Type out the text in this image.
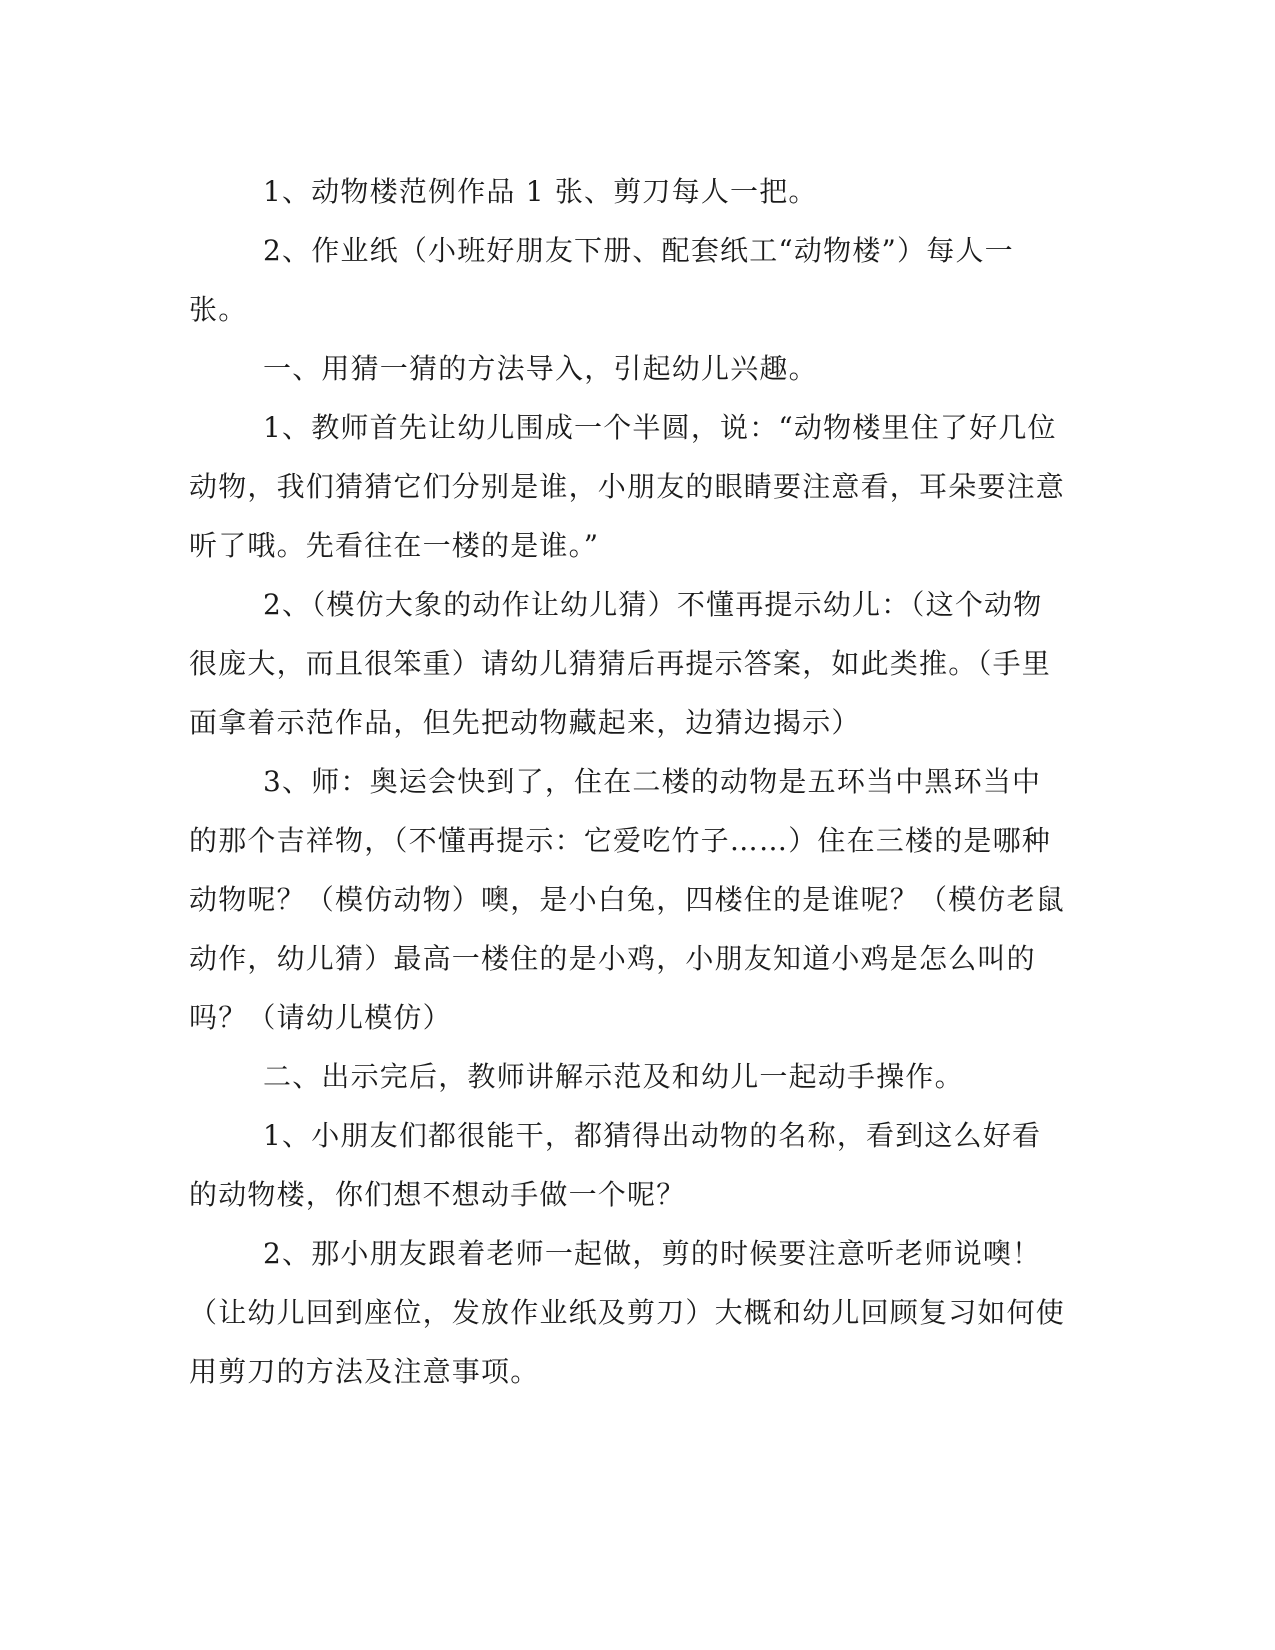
1、动物楼范例作品 1 张、剪刀每人一把。

2、作业纸（小班好朋友下册、配套纸工“动物楼”）每人一张。

一、用猜一猜的方法导入，引起幼儿兴趣。

1、教师首先让幼儿围成一个半圆，说：“动物楼里住了好几位动物，我们猜猜它们分别是谁，小朋友的眼睛要注意看，耳朵要注意听了哦。先看往在一楼的是谁。”

2、（模仿大象的动作让幼儿猜）不懂再提示幼儿：（这个动物很庞大，而且很笨重）请幼儿猜猜后再提示答案，如此类推。（手里面拿着示范作品，但先把动物藏起来，边猜边揭示）

3、师：奥运会快到了，住在二楼的动物是五环当中黑环当中的那个吉祥物，（不懂再提示：它爱吃竹子……）住在三楼的是哪种动物呢？（模仿动物）噢，是小白兔，四楼住的是谁呢？（模仿老鼠动作，幼儿猜）最高一楼住的是小鸡，小朋友知道小鸡是怎么叫的吗？（请幼儿模仿）

二、出示完后，教师讲解示范及和幼儿一起动手操作。

1、小朋友们都很能干，都猜得出动物的名称，看到这么好看的动物楼，你们想不想动手做一个呢？

2、那小朋友跟着老师一起做，剪的时候要注意听老师说噢！（让幼儿回到座位，发放作业纸及剪刀）大概和幼儿回顾复习如何使用剪刀的方法及注意事项。
